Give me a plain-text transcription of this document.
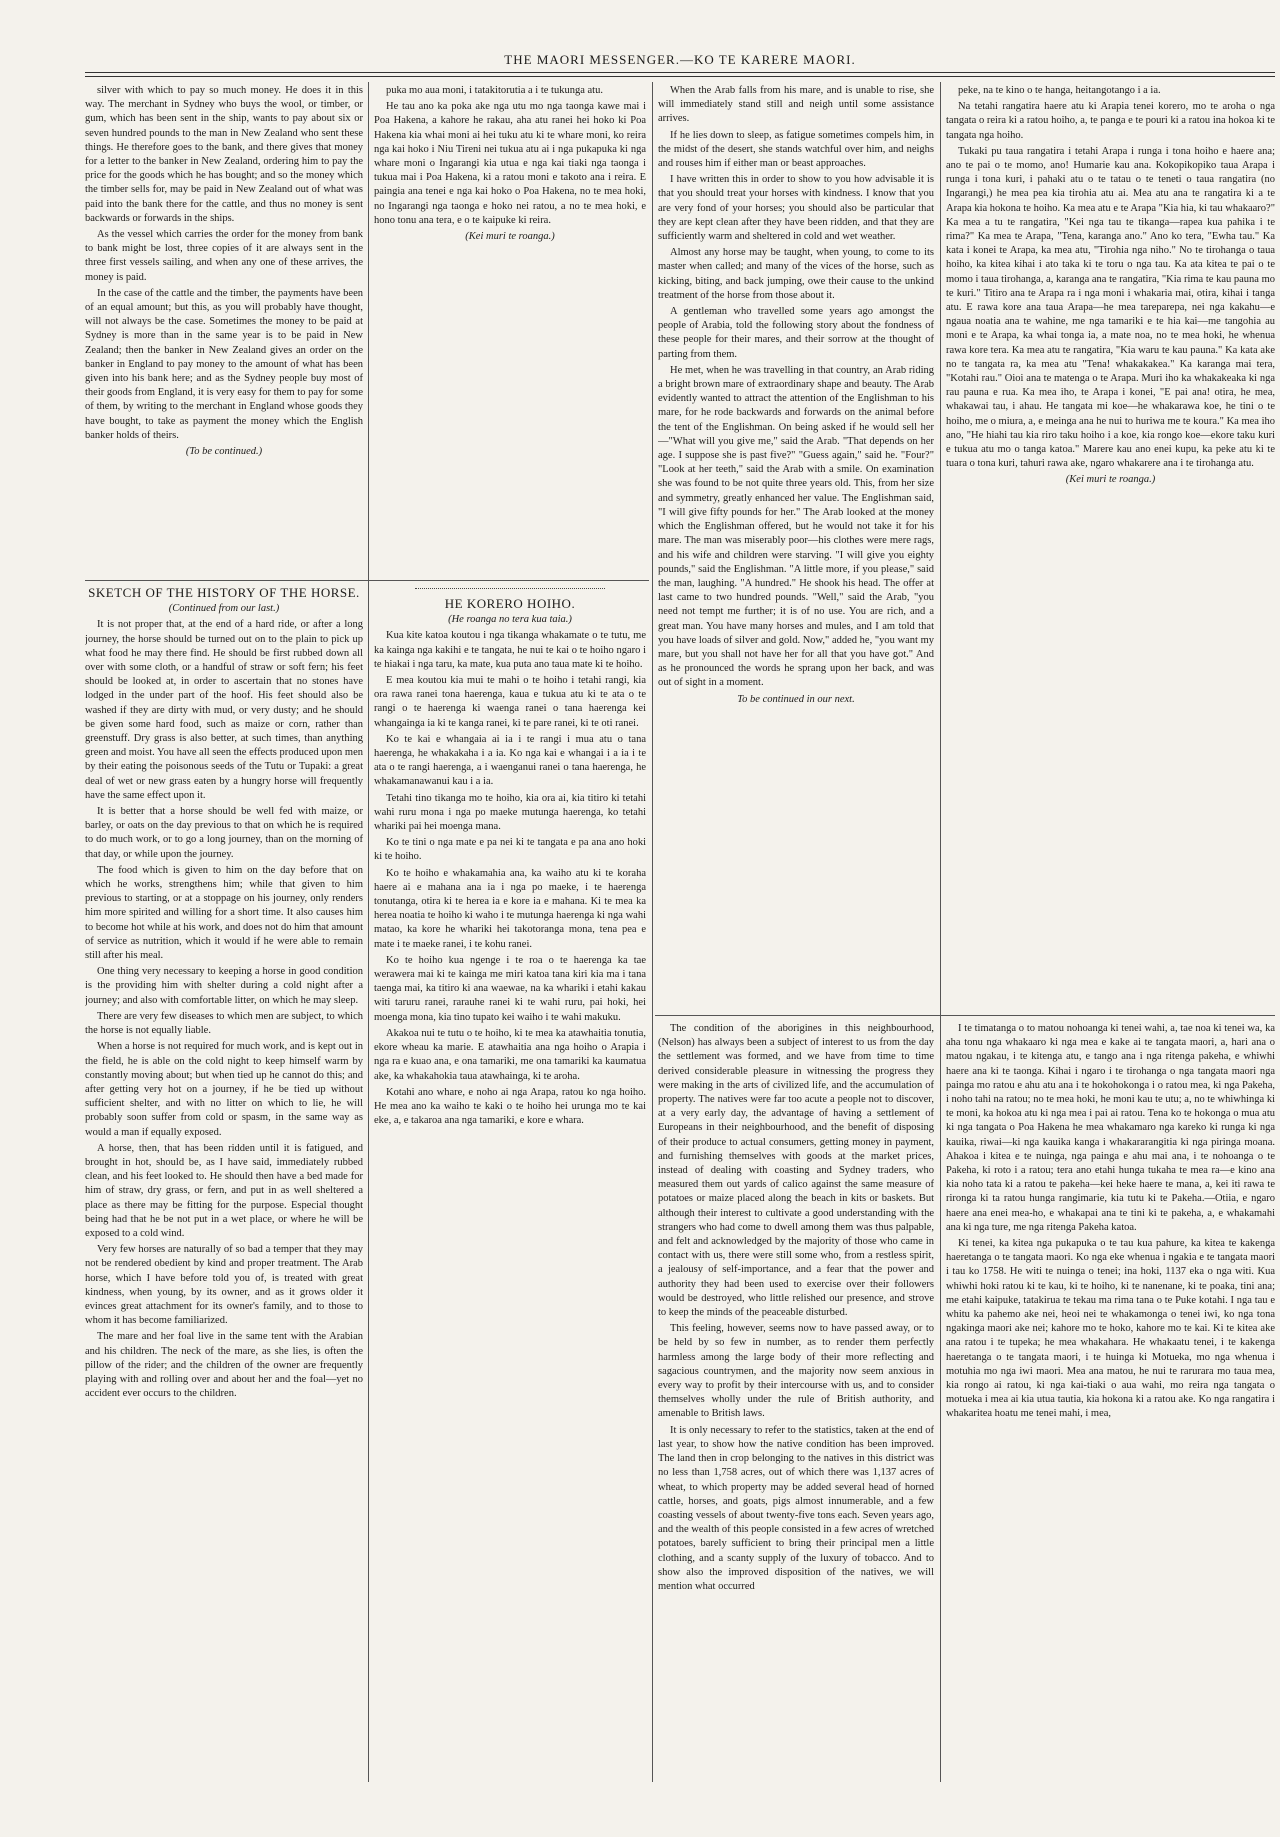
THE MAORI MESSENGER.—KO TE KARERE MAORI.

silver with which to pay so much money. He does it in this way. The merchant in Sydney who buys the wool, or timber, or gum, which has been sent in the ship, wants to pay about six or seven hundred pounds to the man in New Zealand who sent these things. He therefore goes to the bank, and there gives that money for a letter to the banker in New Zealand, ordering him to pay the price for the goods which he has bought; and so the money which the timber sells for, may be paid in New Zealand out of what was paid into the bank there for the cattle, and thus no money is sent backwards or forwards in the ships.

As the vessel which carries the order for the money from bank to bank might be lost, three copies of it are always sent in the three first vessels sailing, and when any one of these arrives, the money is paid.

In the case of the cattle and the timber, the payments have been of an equal amount; but this, as you will probably have thought, will not always be the case. Sometimes the money to be paid at Sydney is more than in the same year is to be paid in New Zealand; then the banker in New Zealand gives an order on the banker in England to pay money to the amount of what has been given into his bank here; and as the Sydney people buy most of their goods from England, it is very easy for them to pay for some of them, by writing to the merchant in England whose goods they have bought, to take as payment the money which the English banker holds of theirs.

(To be continued.)

puka mo aua moni, i tatakitorutia a i te tukunga atu.

He tau ano ka poka ake nga utu mo nga taonga kawe mai i Poa Hakena, a kahore he rakau, aha atu ranei hei hoko ki Poa Hakena kia whai moni ai hei tuku atu ki te whare moni, ko reira nga kai hoko i Niu Tireni nei tukua atu ai i nga pukapuka ki nga whare moni o Ingarangi kia utua e nga kai tiaki nga taonga i tukua mai i Poa Hakena, ki a ratou moni e takoto ana i reira. E paingia ana tenei e nga kai hoko o Poa Hakena, no te mea hoki, no Ingarangi nga taonga e hoko nei ratou, a no te mea hoki, e hono tonu ana tera, e o te kaipuke ki reira.

(Kei muri te roanga.)

SKETCH OF THE HISTORY OF THE HORSE.

(Continued from our last.)

It is not proper that, at the end of a hard ride, or after a long journey, the horse should be turned out on to the plain to pick up what food he may there find. He should be first rubbed down all over with some cloth, or a handful of straw or soft fern; his feet should be looked at, in order to ascertain that no stones have lodged in the under part of the hoof. His feet should also be washed if they are dirty with mud, or very dusty; and he should be given some hard food, such as maize or corn, rather than greenstuff. Dry grass is also better, at such times, than anything green and moist. You have all seen the effects produced upon men by their eating the poisonous seeds of the Tutu or Tupaki: a great deal of wet or new grass eaten by a hungry horse will frequently have the same effect upon it.

It is better that a horse should be well fed with maize, or barley, or oats on the day previous to that on which he is required to do much work, or to go a long journey, than on the morning of that day, or while upon the journey.

The food which is given to him on the day before that on which he works, strengthens him; while that given to him previous to starting, or at a stoppage on his journey, only renders him more spirited and willing for a short time. It also causes him to become hot while at his work, and does not do him that amount of service as nutrition, which it would if he were able to remain still after his meal.

One thing very necessary to keeping a horse in good condition is the providing him with shelter during a cold night after a journey; and also with comfortable litter, on which he may sleep.

There are very few diseases to which men are subject, to which the horse is not equally liable.

When a horse is not required for much work, and is kept out in the field, he is able on the cold night to keep himself warm by constantly moving about; but when tied up he cannot do this; and after getting very hot on a journey, if he be tied up without sufficient shelter, and with no litter on which to lie, he will probably soon suffer from cold or spasm, in the same way as would a man if equally exposed.

A horse, then, that has been ridden until it is fatigued, and brought in hot, should be, as I have said, immediately rubbed clean, and his feet looked to. He should then have a bed made for him of straw, dry grass, or fern, and put in as well sheltered a place as there may be fitting for the purpose. Especial thought being had that he be not put in a wet place, or where he will be exposed to a cold wind.

Very few horses are naturally of so bad a temper that they may not be rendered obedient by kind and proper treatment. The Arab horse, which I have before told you of, is treated with great kindness, when young, by its owner, and as it grows older it evinces great attachment for its owner's family, and to those to whom it has become familiarized.

The mare and her foal live in the same tent with the Arabian and his children. The neck of the mare, as she lies, is often the pillow of the rider; and the children of the owner are frequently playing with and rolling over and about her and the foal—yet no accident ever occurs to the children.

HE KORERO HOIHO.

(He roanga no tera kua taia.)

Kua kite katoa koutou i nga tikanga whakamate o te tutu, me ka kainga nga kakihi e te tangata, he nui te kai o te hoiho ngaro i te hiakai i nga taru, ka mate, kua puta ano taua mate ki te hoiho.

E mea koutou kia mui te mahi o te hoiho i tetahi rangi, kia ora rawa ranei tona haerenga, kaua e tukua atu ki te ata o te rangi o te haerenga ki waenga ranei o tana haerenga kei whangainga ia ki te kanga ranei, ki te pare ranei, ki te oti ranei.

Ko te kai e whangaia ai ia i te rangi i mua atu o tana haerenga, he whakakaha i a ia. Ko nga kai e whangai i a ia i te ata o te rangi haerenga, a i waenganui ranei o tana haerenga, he whakamanawanui kau i a ia.

Tetahi tino tikanga mo te hoiho, kia ora ai, kia titiro ki tetahi wahi ruru mona i nga po maeke mutunga haerenga, ko tetahi whariki pai hei moenga mana.

Ko te tini o nga mate e pa nei ki te tangata e pa ana ano hoki ki te hoiho.

Ko te hoiho e whakamahia ana, ka waiho atu ki te koraha haere ai e mahana ana ia i nga po maeke, i te haerenga tonutanga, otira ki te herea ia e kore ia e mahana. Ki te mea ka herea noatia te hoiho ki waho i te mutunga haerenga ki nga wahi matao, ka kore he whariki hei takotoranga mona, tena pea e mate i te maeke ranei, i te kohu ranei.

Ko te hoiho kua ngenge i te roa o te haerenga ka tae werawera mai ki te kainga me miri katoa tana kiri kia ma i tana taenga mai, ka titiro ki ana waewae, na ka whariki i etahi kakau witi taruru ranei, rarauhe ranei ki te wahi ruru, pai hoki, hei moenga mona, kia tino tupato kei waiho i te wahi makuku.

Akakoa nui te tutu o te hoiho, ki te mea ka atawhaitia tonutia, ekore wheau ka marie. E atawhaitia ana nga hoiho o Arapia i nga ra e kuao ana, e ona tamariki, me ona tamariki ka kaumatua ake, ka whakahokia taua atawhainga, ki te aroha.

Kotahi ano whare, e noho ai nga Arapa, ratou ko nga hoiho. He mea ano ka waiho te kaki o te hoiho hei urunga mo te kai eke, a, e takaroa ana nga tamariki, e kore e whara.

When the Arab falls from his mare, and is unable to rise, she will immediately stand still and neigh until some assistance arrives.

If he lies down to sleep, as fatigue sometimes compels him, in the midst of the desert, she stands watchful over him, and neighs and rouses him if either man or beast approaches.

I have written this in order to show to you how advisable it is that you should treat your horses with kindness. I know that you are very fond of your horses; you should also be particular that they are kept clean after they have been ridden, and that they are sufficiently warm and sheltered in cold and wet weather.

Almost any horse may be taught, when young, to come to its master when called; and many of the vices of the horse, such as kicking, biting, and back jumping, owe their cause to the unkind treatment of the horse from those about it.

A gentleman who travelled some years ago amongst the people of Arabia, told the following story about the fondness of these people for their mares, and their sorrow at the thought of parting from them.

He met, when he was travelling in that country, an Arab riding a bright brown mare of extraordinary shape and beauty. The Arab evidently wanted to attract the attention of the Englishman to his mare, for he rode backwards and forwards on the animal before the tent of the Englishman. On being asked if he would sell her—"What will you give me," said the Arab. "That depends on her age. I suppose she is past five?" "Guess again," said he. "Four?" "Look at her teeth," said the Arab with a smile. On examination she was found to be not quite three years old. This, from her size and symmetry, greatly enhanced her value. The Englishman said, "I will give fifty pounds for her." The Arab looked at the money which the Englishman offered, but he would not take it for his mare. The man was miserably poor—his clothes were mere rags, and his wife and children were starving. "I will give you eighty pounds," said the Englishman. "A little more, if you please," said the man, laughing. "A hundred." He shook his head. The offer at last came to two hundred pounds. "Well," said the Arab, "you need not tempt me further; it is of no use. You are rich, and a great man. You have many horses and mules, and I am told that you have loads of silver and gold. Now," added he, "you want my mare, but you shall not have her for all that you have got." And as he pronounced the words he sprang upon her back, and was out of sight in a moment.

To be continued in our next.

peke, na te kino o te hanga, heitangotango i a ia.

Na tetahi rangatira haere atu ki Arapia tenei korero, mo te aroha o nga tangata o reira ki a ratou hoiho, a, te panga e te pouri ki a ratou ina hokoa ki te tangata nga hoiho.

Tukaki pu taua rangatira i tetahi Arapa i runga i tona hoiho e haere ana; ano te pai o te momo, ano! Humarie kau ana. Kokopikopiko taua Arapa i runga i tona kuri, i pahaki atu o te tatau o te teneti o taua rangatira (no Ingarangi,) he mea pea kia tirohia atu ai. Mea atu ana te rangatira ki a te Arapa kia hokona te hoiho. Ka mea atu e te Arapa "Kia hia, ki tau whakaaro?" Ka mea a tu te rangatira, "Kei nga tau te tikanga—rapea kua pahika i te rima?" Ka mea te Arapa, "Tena, karanga ano." Ano ko tera, "Ewha tau." Ka kata i konei te Arapa, ka mea atu, "Tirohia nga niho." No te tirohanga o taua hoiho, ka kitea kihai i ato taka ki te toru o nga tau. Ka ata kitea te pai o te momo i taua tirohanga, a, karanga ana te rangatira, "Kia rima te kau pauna mo te kuri." Titiro ana te Arapa ra i nga moni i whakaria mai, otira, kihai i tanga atu. E rawa kore ana taua Arapa—he mea tareparepa, nei nga kakahu—e ngaua noatia ana te wahine, me nga tamariki e te hia kai—me tangohia au moni e te Arapa, ka whai tonga ia, a mate noa, no te mea hoki, he whenua rawa kore tera. Ka mea atu te rangatira, "Kia waru te kau pauna." Ka kata ake no te tangata ra, ka mea atu "Tena! whakakakea." Ka karanga mai tera, "Kotahi rau." Oioi ana te matenga o te Arapa. Muri iho ka whakakeaka ki nga rau pauna e rua. Ka mea iho, te Arapa i konei, "E pai ana! otira, he mea, whakawai tau, i ahau. He tangata mi koe—he whakarawa koe, he tini o te hoiho, me o miura, a, e meinga ana he nui to huriwa me te koura." Ka mea iho ano, "He hiahi tau kia riro taku hoiho i a koe, kia rongo koe—ekore taku kuri e tukua atu mo o tanga katoa." Marere kau ano enei kupu, ka peke atu ki te tuara o tona kuri, tahuri rawa ake, ngaro whakarere ana i te tirohanga atu.

(Kei muri te roanga.)

The condition of the aborigines in this neighbourhood, (Nelson) has always been a subject of interest to us from the day the settlement was formed, and we have from time to time derived considerable pleasure in witnessing the progress they were making in the arts of civilized life, and the accumulation of property. The natives were far too acute a people not to discover, at a very early day, the advantage of having a settlement of Europeans in their neighbourhood, and the benefit of disposing of their produce to actual consumers, getting money in payment, and furnishing themselves with goods at the market prices, instead of dealing with coasting and Sydney traders, who measured them out yards of calico against the same measure of potatoes or maize placed along the beach in kits or baskets. But although their interest to cultivate a good understanding with the strangers who had come to dwell among them was thus palpable, and felt and acknowledged by the majority of those who came in contact with us, there were still some who, from a restless spirit, a jealousy of self-importance, and a fear that the power and authority they had been used to exercise over their followers would be destroyed, who little relished our presence, and strove to keep the minds of the peaceable disturbed.

This feeling, however, seems now to have passed away, or to be held by so few in number, as to render them perfectly harmless among the large body of their more reflecting and sagacious countrymen, and the majority now seem anxious in every way to profit by their intercourse with us, and to consider themselves wholly under the rule of British authority, and amenable to British laws.

It is only necessary to refer to the statistics, taken at the end of last year, to show how the native condition has been improved. The land then in crop belonging to the natives in this district was no less than 1,758 acres, out of which there was 1,137 acres of wheat, to which property may be added several head of horned cattle, horses, and goats, pigs almost innumerable, and a few coasting vessels of about twenty-five tons each. Seven years ago, and the wealth of this people consisted in a few acres of wretched potatoes, barely sufficient to bring their principal men a little clothing, and a scanty supply of the luxury of tobacco. And to show also the improved disposition of the natives, we will mention what occurred

I te timatanga o to matou nohoanga ki tenei wahi, a, tae noa ki tenei wa, ka aha tonu nga whakaaro ki nga mea e kake ai te tangata maori, a, hari ana o matou ngakau, i te kitenga atu, e tango ana i nga ritenga pakeha, e whiwhi haere ana ki te taonga. Kihai i ngaro i te tirohanga o nga tangata maori nga painga mo ratou e ahu atu ana i te hokohokonga i o ratou mea, ki nga Pakeha, i noho tahi na ratou; no te mea hoki, he moni kau te utu; a, no te whiwhinga ki te moni, ka hokoa atu ki nga mea i pai ai ratou. Tena ko te hokonga o mua atu ki nga tangata o Poa Hakena he mea whakamaro nga kareko ki runga ki nga kauika, riwai—ki nga kauika kanga i whakararangitia ki nga piringa moana. Ahakoa i kitea e te nuinga, nga painga e ahu mai ana, i te nohoanga o te Pakeha, ki roto i a ratou; tera ano etahi hunga tukaha te mea ra—e kino ana kia noho tata ki a ratou te pakeha—kei heke haere te mana, a, kei iti rawa te rironga ki ta ratou hunga rangimarie, kia tutu ki te Pakeha.—Otiia, e ngaro haere ana enei mea-ho, e whakapai ana te tini ki te pakeha, a, e whakamahi ana ki nga ture, me nga ritenga Pakeha katoa.

Ki tenei, ka kitea nga pukapuka o te tau kua pahure, ka kitea te kakenga haeretanga o te tangata maori. Ko nga eke whenua i ngakia e te tangata maori i tau ko 1758. He witi te nuinga o tenei; ina hoki, 1137 eka o nga witi. Kua whiwhi hoki ratou ki te kau, ki te hoiho, ki te nanenane, ki te poaka, tini ana; me etahi kaipuke, tatakirua te tekau ma rima tana o te Puke kotahi. I nga tau e whitu ka pahemo ake nei, heoi nei te whakamonga o tenei iwi, ko nga tona ngakinga maori ake nei; kahore mo te hoko, kahore mo te kai. Ki te kitea ake ana ratou i te tupeka; he mea whakahara. He whakaatu tenei, i te kakenga haeretanga o te tangata maori, i te huinga ki Motueka, mo nga whenua i motuhia mo nga iwi maori. Mea ana matou, he nui te rarurara mo taua mea, kia rongo ai ratou, ki nga kai-tiaki o aua wahi, mo reira nga tangata o motueka i mea ai kia utua tautia, kia hokona ki a ratou ake. Ko nga rangatira i whakaritea hoatu me tenei mahi, i mea,
